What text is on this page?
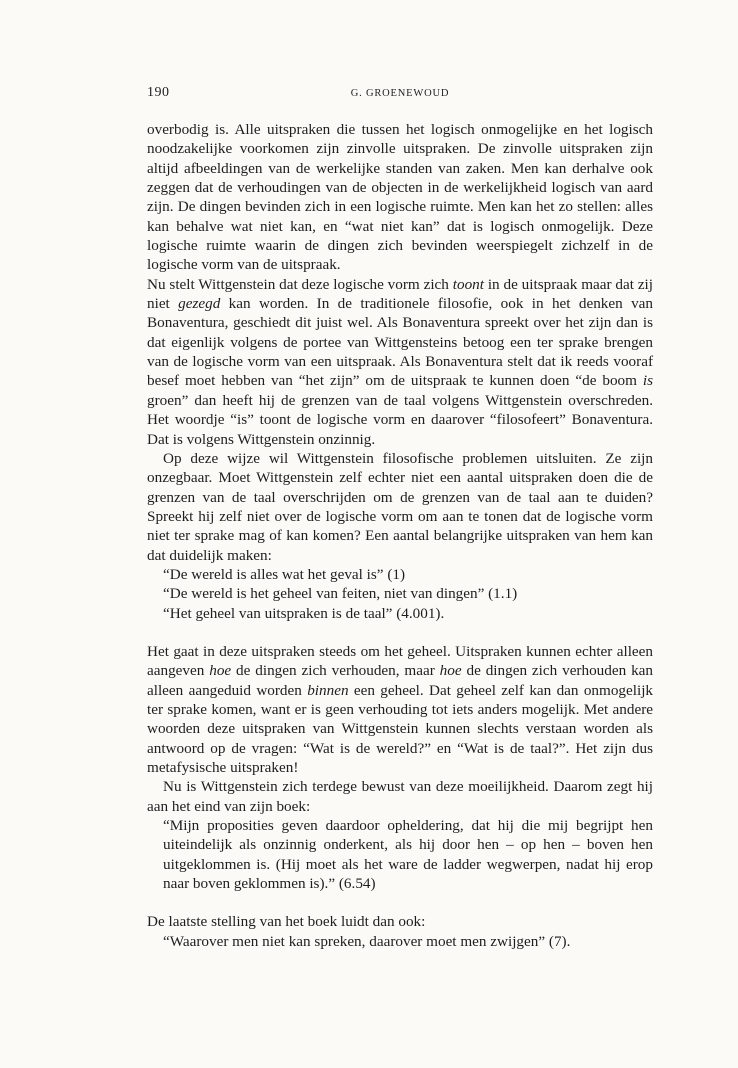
190	G. GROENEWOUD

overbodig is. Alle uitspraken die tussen het logisch onmogelijke en het logisch noodzakelijke voorkomen zijn zinvolle uitspraken. De zinvolle uitspraken zijn altijd afbeeldingen van de werkelijke standen van zaken. Men kan derhalve ook zeggen dat de verhoudingen van de objecten in de werkelijkheid logisch van aard zijn. De dingen bevinden zich in een logische ruimte. Men kan het zo stellen: alles kan behalve wat niet kan, en “wat niet kan” dat is logisch onmogelijk. Deze logische ruimte waarin de dingen zich bevinden weerspiegelt zichzelf in de logische vorm van de uitspraak.

Nu stelt Wittgenstein dat deze logische vorm zich toont in de uitspraak maar dat zij niet gezegd kan worden. In de traditionele filosofie, ook in het denken van Bonaventura, geschiedt dit juist wel. Als Bonaventura spreekt over het zijn dan is dat eigenlijk volgens de portee van Wittgensteins betoog een ter sprake brengen van de logische vorm van een uitspraak. Als Bonaventura stelt dat ik reeds vooraf besef moet hebben van “het zijn” om de uitspraak te kunnen doen “de boom is groen” dan heeft hij de grenzen van de taal volgens Wittgenstein overschreden. Het woordje “is” toont de logische vorm en daarover “filosofeert” Bonaventura. Dat is volgens Wittgenstein onzinnig.

Op deze wijze wil Wittgenstein filosofische problemen uitsluiten. Ze zijn onzegbaar. Moet Wittgenstein zelf echter niet een aantal uitspraken doen die de grenzen van de taal overschrijden om de grenzen van de taal aan te duiden? Spreekt hij zelf niet over de logische vorm om aan te tonen dat de logische vorm niet ter sprake mag of kan komen? Een aantal belangrijke uitspraken van hem kan dat duidelijk maken:

“De wereld is alles wat het geval is” (1)
“De wereld is het geheel van feiten, niet van dingen” (1.1)
“Het geheel van uitspraken is de taal” (4.001).

Het gaat in deze uitspraken steeds om het geheel. Uitspraken kunnen echter alleen aangeven hoe de dingen zich verhouden, maar hoe de dingen zich verhouden kan alleen aangeduid worden binnen een geheel. Dat geheel zelf kan dan onmogelijk ter sprake komen, want er is geen verhouding tot iets anders mogelijk. Met andere woorden deze uitspraken van Wittgenstein kunnen slechts verstaan worden als antwoord op de vragen: “Wat is de wereld?” en “Wat is de taal?”. Het zijn dus metafysische uitspraken!

Nu is Wittgenstein zich terdege bewust van deze moeilijkheid. Daarom zegt hij aan het eind van zijn boek:

“Mijn proposities geven daardoor opheldering, dat hij die mij begrijpt hen uiteindelijk als onzinnig onderkent, als hij door hen – op hen – boven hen uitgeklommen is. (Hij moet als het ware de ladder wegwerpen, nadat hij erop naar boven geklommen is).” (6.54)

De laatste stelling van het boek luidt dan ook:

“Waarover men niet kan spreken, daarover moet men zwijgen” (7).
